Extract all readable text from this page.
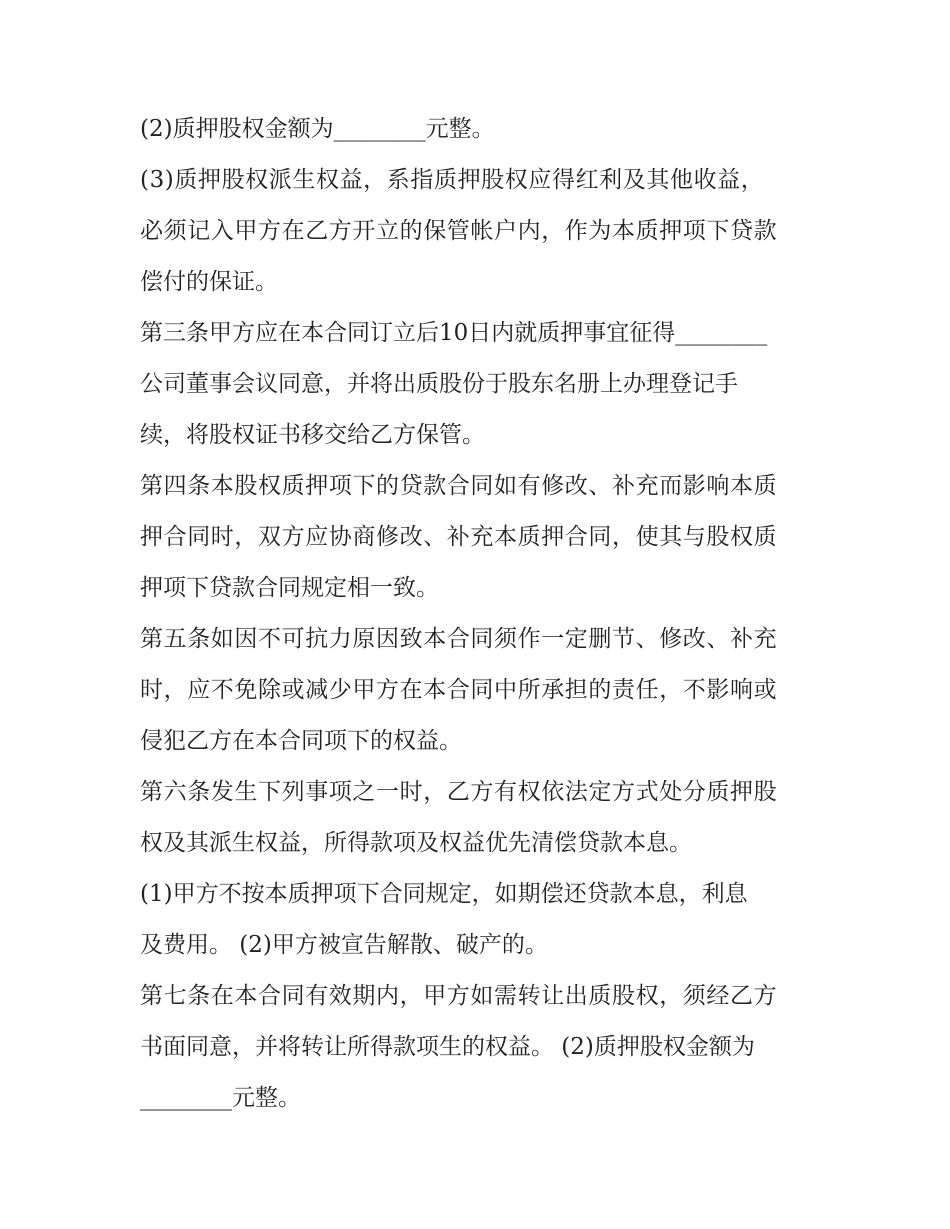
(2)质押股权金额为________元整。
(3)质押股权派生权益，系指质押股权应得红利及其他收益，
必须记入甲方在乙方开立的保管帐户内，作为本质押项下贷款
偿付的保证。
第三条甲方应在本合同订立后10日内就质押事宜征得________
公司董事会议同意，并将出质股份于股东名册上办理登记手
续，将股权证书移交给乙方保管。
第四条本股权质押项下的贷款合同如有修改、补充而影响本质
押合同时，双方应协商修改、补充本质押合同，使其与股权质
押项下贷款合同规定相一致。
第五条如因不可抗力原因致本合同须作一定删节、修改、补充
时，应不免除或减少甲方在本合同中所承担的责任，不影响或
侵犯乙方在本合同项下的权益。
第六条发生下列事项之一时，乙方有权依法定方式处分质押股
权及其派生权益，所得款项及权益优先清偿贷款本息。
(1)甲方不按本质押项下合同规定，如期偿还贷款本息，利息
及费用。 (2)甲方被宣告解散、破产的。
第七条在本合同有效期内，甲方如需转让出质股权，须经乙方
书面同意，并将转让所得款项生的权益。 (2)质押股权金额为
________元整。
